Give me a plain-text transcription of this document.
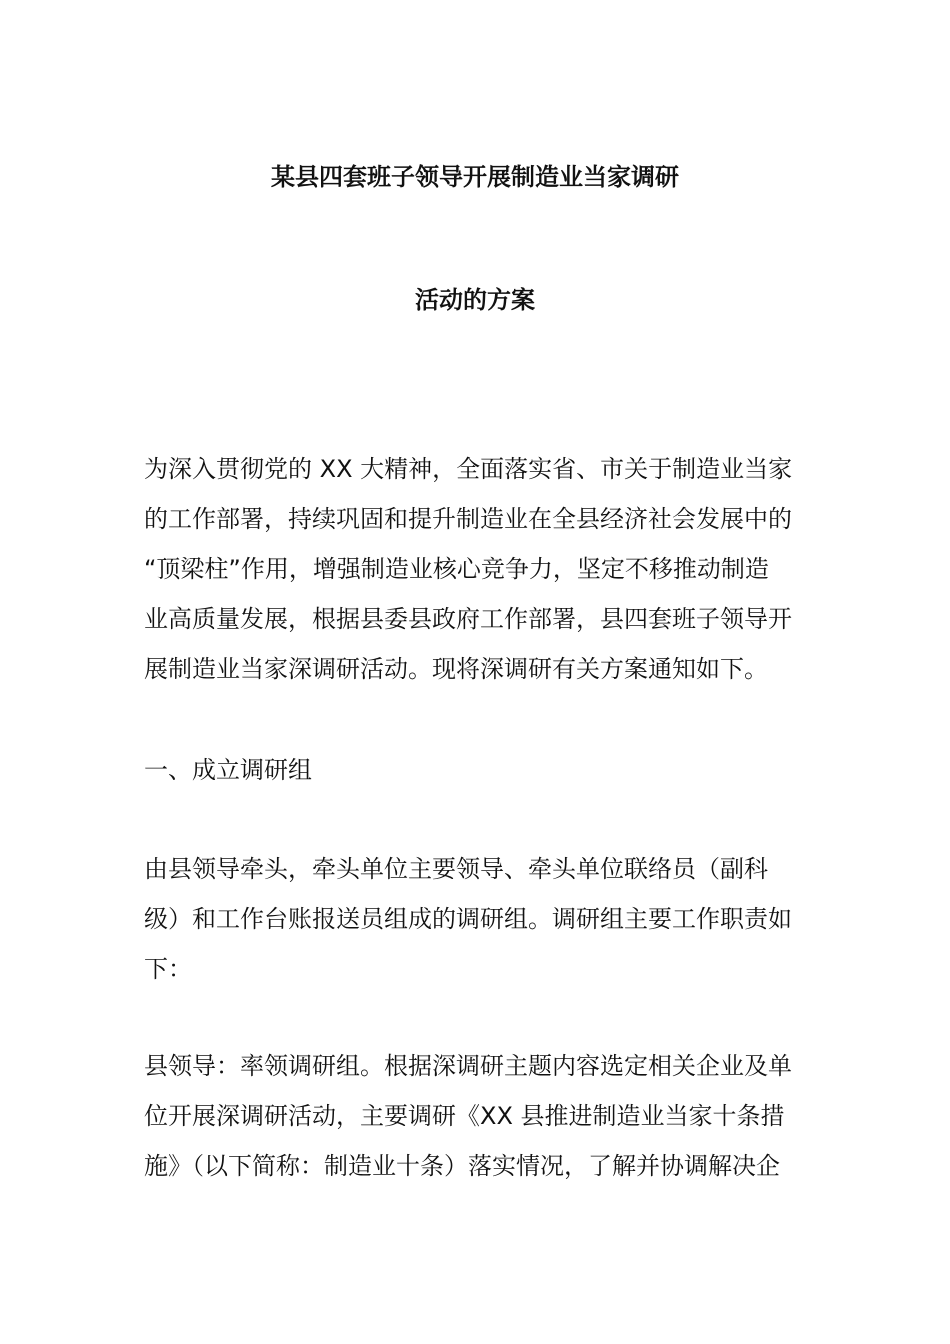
某县四套班子领导开展制造业当家调研
活动的方案
为深入贯彻党的 XX 大精神，全面落实省、市关于制造业当家
的工作部署，持续巩固和提升制造业在全县经济社会发展中的
“顶梁柱”作用，增强制造业核心竞争力，坚定不移推动制造
业高质量发展，根据县委县政府工作部署，县四套班子领导开
展制造业当家深调研活动。现将深调研有关方案通知如下。
一、成立调研组
由县领导牵头，牵头单位主要领导、牵头单位联络员（副科
级）和工作台账报送员组成的调研组。调研组主要工作职责如
下：
县领导：率领调研组。根据深调研主题内容选定相关企业及单
位开展深调研活动，主要调研《XX 县推进制造业当家十条措
施》（以下简称：制造业十条）落实情况，了解并协调解决企
